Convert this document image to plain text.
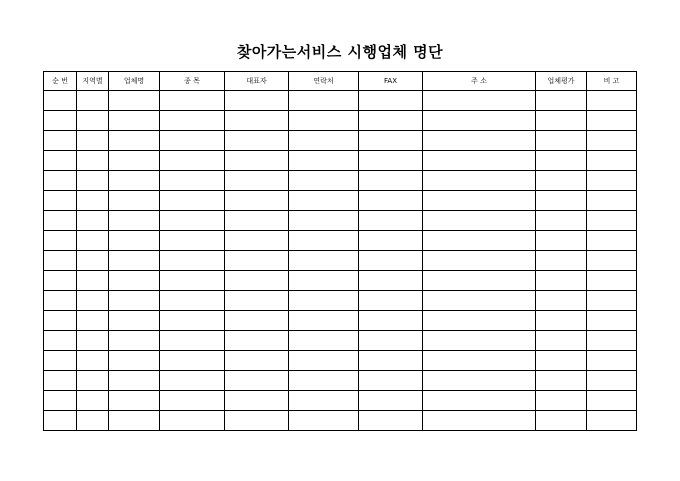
찾아가는서비스 시행업체 명단
순 번	지역별	업체명	종 목	대표자	연락처	FAX	주 소	업체평가	비 고
